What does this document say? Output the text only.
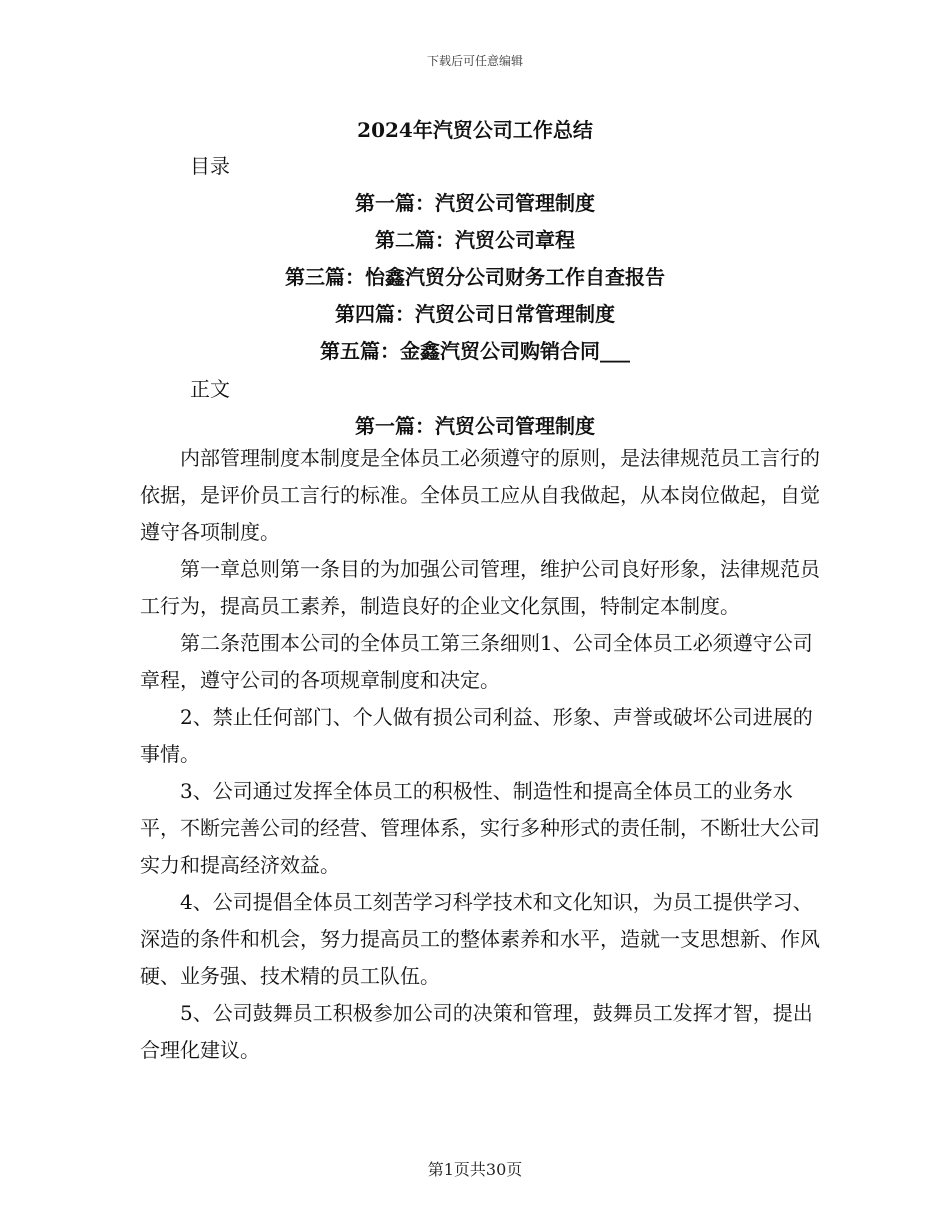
下载后可任意编辑
2024年汽贸公司工作总结
目录
第一篇：汽贸公司管理制度
第二篇：汽贸公司章程
第三篇：怡鑫汽贸分公司财务工作自查报告
第四篇：汽贸公司日常管理制度
第五篇：金鑫汽贸公司购销合同___
正文
第一篇：汽贸公司管理制度

内部管理制度本制度是全体员工必须遵守的原则，是法律规范员工言行的依据，是评价员工言行的标准。全体员工应从自我做起，从本岗位做起，自觉遵守各项制度。

第一章总则第一条目的为加强公司管理，维护公司良好形象，法律规范员工行为，提高员工素养，制造良好的企业文化氛围，特制定本制度。

第二条范围本公司的全体员工第三条细则1、公司全体员工必须遵守公司章程，遵守公司的各项规章制度和决定。

2、禁止任何部门、个人做有损公司利益、形象、声誉或破坏公司进展的事情。

3、公司通过发挥全体员工的积极性、制造性和提高全体员工的业务水平，不断完善公司的经营、管理体系，实行多种形式的责任制，不断壮大公司实力和提高经济效益。

4、公司提倡全体员工刻苦学习科学技术和文化知识，为员工提供学习、深造的条件和机会，努力提高员工的整体素养和水平，造就一支思想新、作风硬、业务强、技术精的员工队伍。

5、公司鼓舞员工积极参加公司的决策和管理，鼓舞员工发挥才智，提出合理化建议。

第1页共30页
